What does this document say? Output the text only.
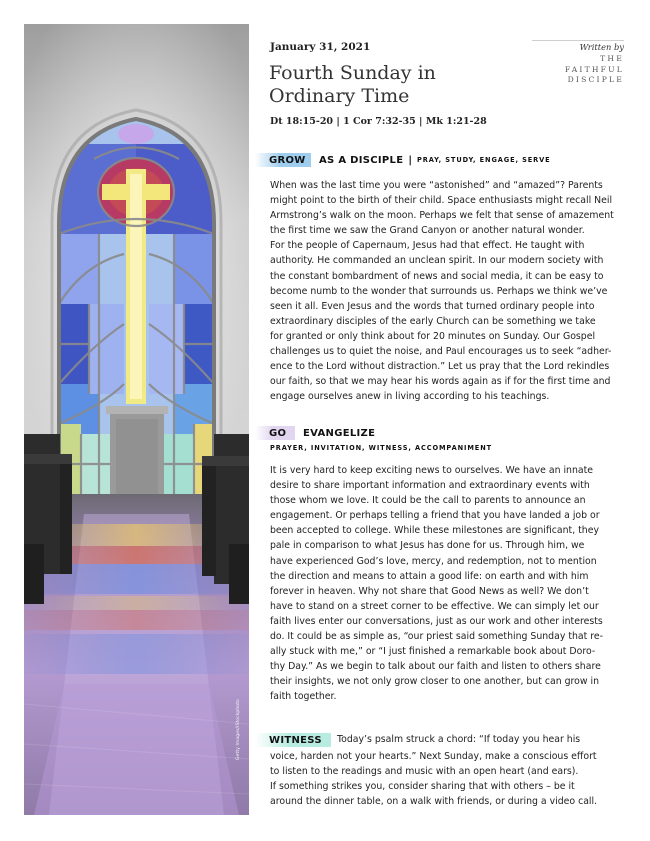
Getty Images/iStockphoto
January 31, 2021
Fourth Sunday in
Ordinary Time
Dt 18:15-20 | 1 Cor 7:32-35 | Mk 1:21-28
Written by
THE
FAITHFUL
DISCIPLE
GROW	AS A DISCIPLE | PRAY, STUDY, ENGAGE, SERVE
When was the last time you were “astonished” and “amazed”? Parents
might point to the birth of their child. Space enthusiasts might recall Neil
Armstrong’s walk on the moon. Perhaps we felt that sense of amazement
the first time we saw the Grand Canyon or another natural wonder.
For the people of Capernaum, Jesus had that effect. He taught with
authority. He commanded an unclean spirit. In our modern society with
the constant bombardment of news and social media, it can be easy to
become numb to the wonder that surrounds us. Perhaps we think we’ve
seen it all. Even Jesus and the words that turned ordinary people into
extraordinary disciples of the early Church can be something we take
for granted or only think about for 20 minutes on Sunday. Our Gospel
challenges us to quiet the noise, and Paul encourages us to seek “adher-
ence to the Lord without distraction.” Let us pray that the Lord rekindles
our faith, so that we may hear his words again as if for the first time and
engage ourselves anew in living according to his teachings.
GO	EVANGELIZE
PRAYER, INVITATION, WITNESS, ACCOMPANIMENT
It is very hard to keep exciting news to ourselves. We have an innate
desire to share important information and extraordinary events with
those whom we love. It could be the call to parents to announce an
engagement. Or perhaps telling a friend that you have landed a job or
been accepted to college. While these milestones are significant, they
pale in comparison to what Jesus has done for us. Through him, we
have experienced God’s love, mercy, and redemption, not to mention
the direction and means to attain a good life: on earth and with him
forever in heaven. Why not share that Good News as well? We don’t
have to stand on a street corner to be effective. We can simply let our
faith lives enter our conversations, just as our work and other interests
do. It could be as simple as, “our priest said something Sunday that re-
ally stuck with me,” or “I just finished a remarkable book about Doro-
thy Day.” As we begin to talk about our faith and listen to others share
their insights, we not only grow closer to one another, but can grow in
faith together.
WITNESS	Today’s psalm struck a chord: “If today you hear his
voice, harden not your hearts.” Next Sunday, make a conscious effort
to listen to the readings and music with an open heart (and ears).
If something strikes you, consider sharing that with others – be it
around the dinner table, on a walk with friends, or during a video call.
